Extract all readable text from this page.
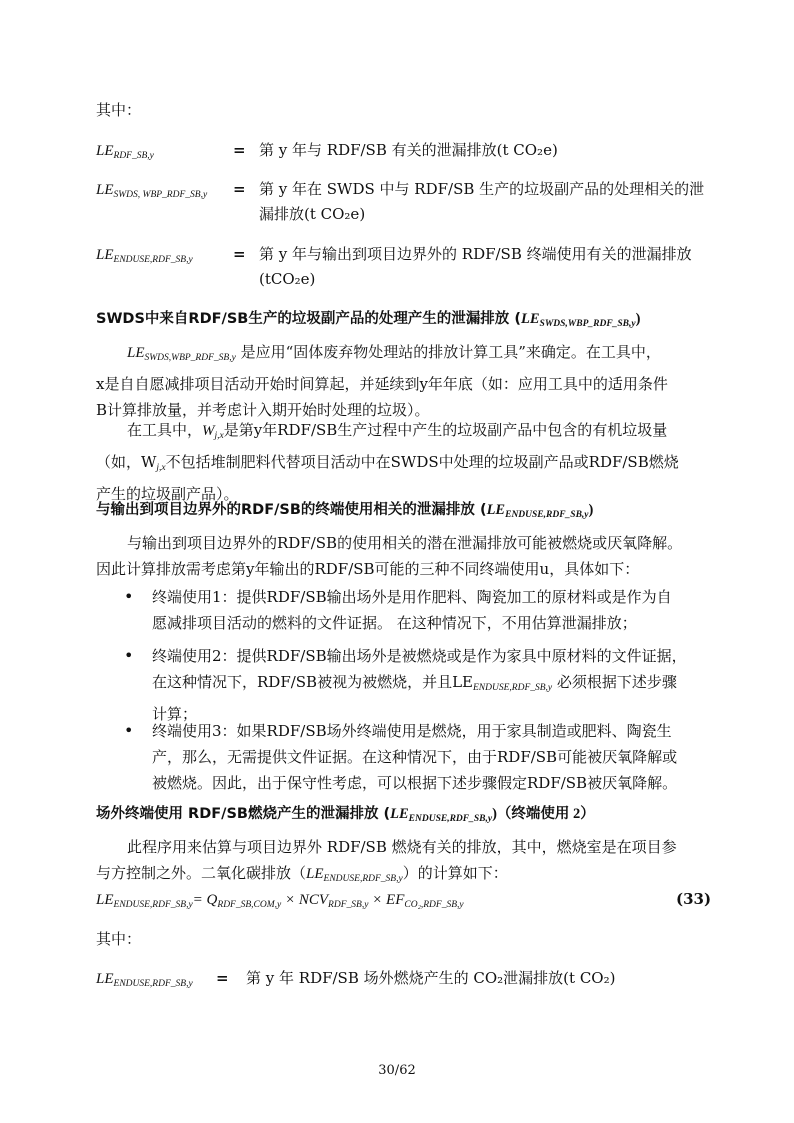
其中：
$LE_{RDF\_SB,y}$	= 第 y 年与 RDF/SB 有关的泄漏排放(t CO₂e)
$LE_{SWDS, WBP\_RDF\_SB,y}$ = 第 y 年在 SWDS 中与 RDF/SB 生产的垃圾副产品的处理相关的泄
漏排放(t CO₂e)
$LE_{ENDUSE,RDF\_SB,y}$	= 第 y 年与输出到项目边界外的 RDF/SB 终端使用有关的泄漏排放
(tCO₂e)
SWDS中来自RDF/SB生产的垃圾副产品的处理产生的泄漏排放 $(LE_{SWDS,WBP\_RDF\_SB,y})$
$LE_{SWDS,WBP\_RDF\_SB,y}$ 是应用“固体废弃物处理站的排放计算工具”来确定。在工具中，
x是自自愿减排项目活动开始时间算起，并延续到y年年底（如：应用工具中的适用条件
B计算排放量，并考虑计入期开始时处理的垃圾）。
在工具中，$W_{j,x}$是第y年RDF/SB生产过程中产生的垃圾副产品中包含的有机垃圾量
（如，$W_{j,x}$不包括堆制肥料代替项目活动中在SWDS中处理的垃圾副产品或RDF/SB燃烧
产生的垃圾副产品）。
与输出到项目边界外的RDF/SB的终端使用相关的泄漏排放 $(LE_{ENDUSE,RDF\_SB,y})$
与输出到项目边界外的RDF/SB的使用相关的潜在泄漏排放可能被燃烧或厌氧降解。
因此计算排放需考虑第y年输出的RDF/SB可能的三种不同终端使用u，具体如下：
•	终端使用1：提供RDF/SB输出场外是用作肥料、陶瓷加工的原材料或是作为自
愿减排项目活动的燃料的文件证据。 在这种情况下，不用估算泄漏排放；
•	终端使用2：提供RDF/SB输出场外是被燃烧或是作为家具中原材料的文件证据，
在这种情况下，RDF/SB被视为被燃烧，并且$LE_{ENDUSE,RDF\_SB,y}$ 必须根据下述步骤
计算；
•	终端使用3：如果RDF/SB场外终端使用是燃烧，用于家具制造或肥料、陶瓷生
产，那么，无需提供文件证据。在这种情况下，由于RDF/SB可能被厌氧降解或
被燃烧。因此，出于保守性考虑，可以根据下述步骤假定RDF/SB被厌氧降解。
场外终端使用 RDF/SB燃烧产生的泄漏排放 $(LE_{ENDUSE,RDF\_SB,y})$（终端使用 2）
此程序用来估算与项目边界外 RDF/SB 燃烧有关的排放，其中，燃烧室是在项目参
与方控制之外。二氧化碳排放$(LE_{ENDUSE,RDF\_SB,y})$的计算如下：
$LE_{ENDUSE,RDF\_SB,y}= Q_{RDF\_SB,COM,y} \times NCV_{RDF\_SB,y} \times EF_{CO_2,RDF\_SB,y}$	(33)
其中：
$LE_{ENDUSE,RDF\_SB,y}$ = 第 y 年 RDF/SB 场外燃烧产生的 CO₂泄漏排放(t CO₂)
30/62
